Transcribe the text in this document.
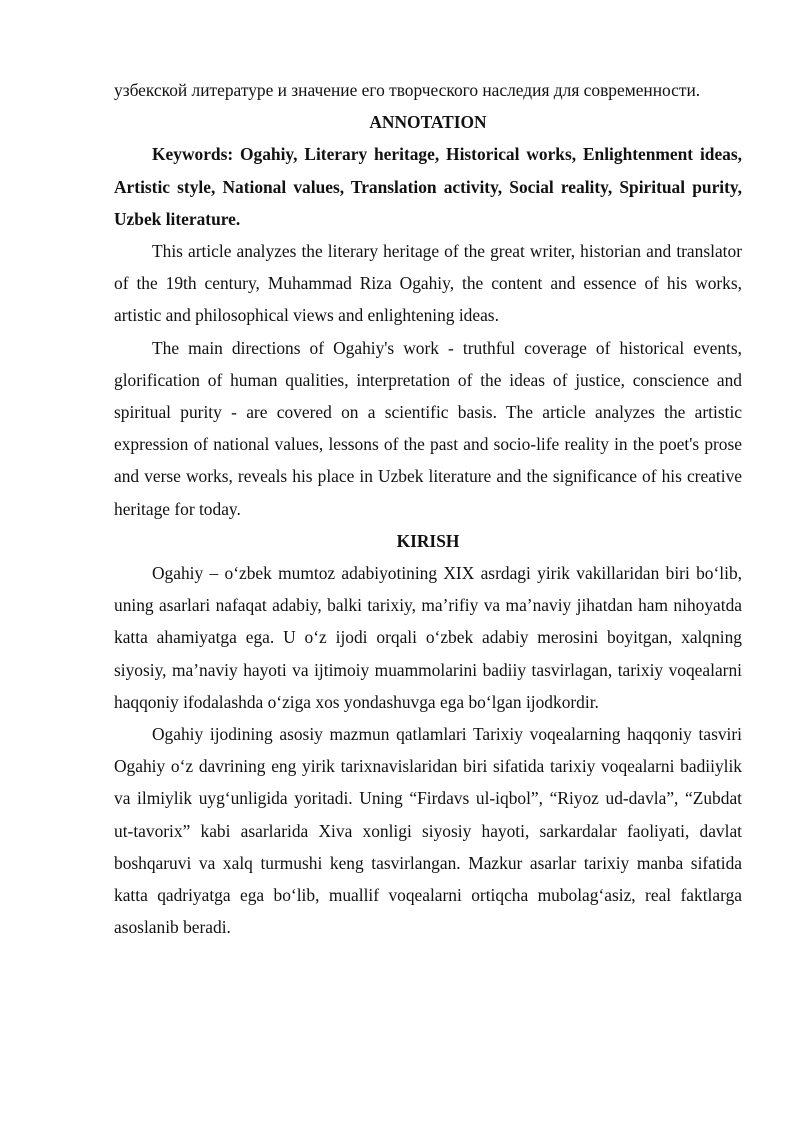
узбекской литературе и значение его творческого наследия для современности.

ANNOTATION

Keywords: Ogahiy, Literary heritage, Historical works, Enlightenment ideas, Artistic style, National values, Translation activity, Social reality, Spiritual purity, Uzbek literature.

This article analyzes the literary heritage of the great writer, historian and translator of the 19th century, Muhammad Riza Ogahiy, the content and essence of his works, artistic and philosophical views and enlightening ideas.

The main directions of Ogahiy's work - truthful coverage of historical events, glorification of human qualities, interpretation of the ideas of justice, conscience and spiritual purity - are covered on a scientific basis. The article analyzes the artistic expression of national values, lessons of the past and socio-life reality in the poet's prose and verse works, reveals his place in Uzbek literature and the significance of his creative heritage for today.

KIRISH

Ogahiy – oʻzbek mumtoz adabiyotining XIX asrdagi yirik vakillaridan biri boʻlib, uning asarlari nafaqat adabiy, balki tarixiy, maʼrifiy va maʼnaviy jihatdan ham nihoyatda katta ahamiyatga ega. U oʻz ijodi orqali oʻzbek adabiy merosini boyitgan, xalqning siyosiy, maʼnaviy hayoti va ijtimoiy muammolarini badiiy tasvirlagan, tarixiy voqealarni haqqoniy ifodalashda oʻziga xos yondashuvga ega boʻlgan ijodkordir.

Ogahiy ijodining asosiy mazmun qatlamlari Tarixiy voqealarning haqqoniy tasviri Ogahiy oʻz davrining eng yirik tarixnavislaridan biri sifatida tarixiy voqealarni badiiylik va ilmiylik uygʻunligida yoritadi. Uning “Firdavs ul-iqbol”, “Riyoz ud-davla”, “Zubdat ut-tavorix” kabi asarlarida Xiva xonligi siyosiy hayoti, sarkardalar faoliyati, davlat boshqaruvi va xalq turmushi keng tasvirlangan. Mazkur asarlar tarixiy manba sifatida katta qadriyatga ega boʻlib, muallif voqealarni ortiqcha mubolagʻasiz, real faktlarga asoslanib beradi.
